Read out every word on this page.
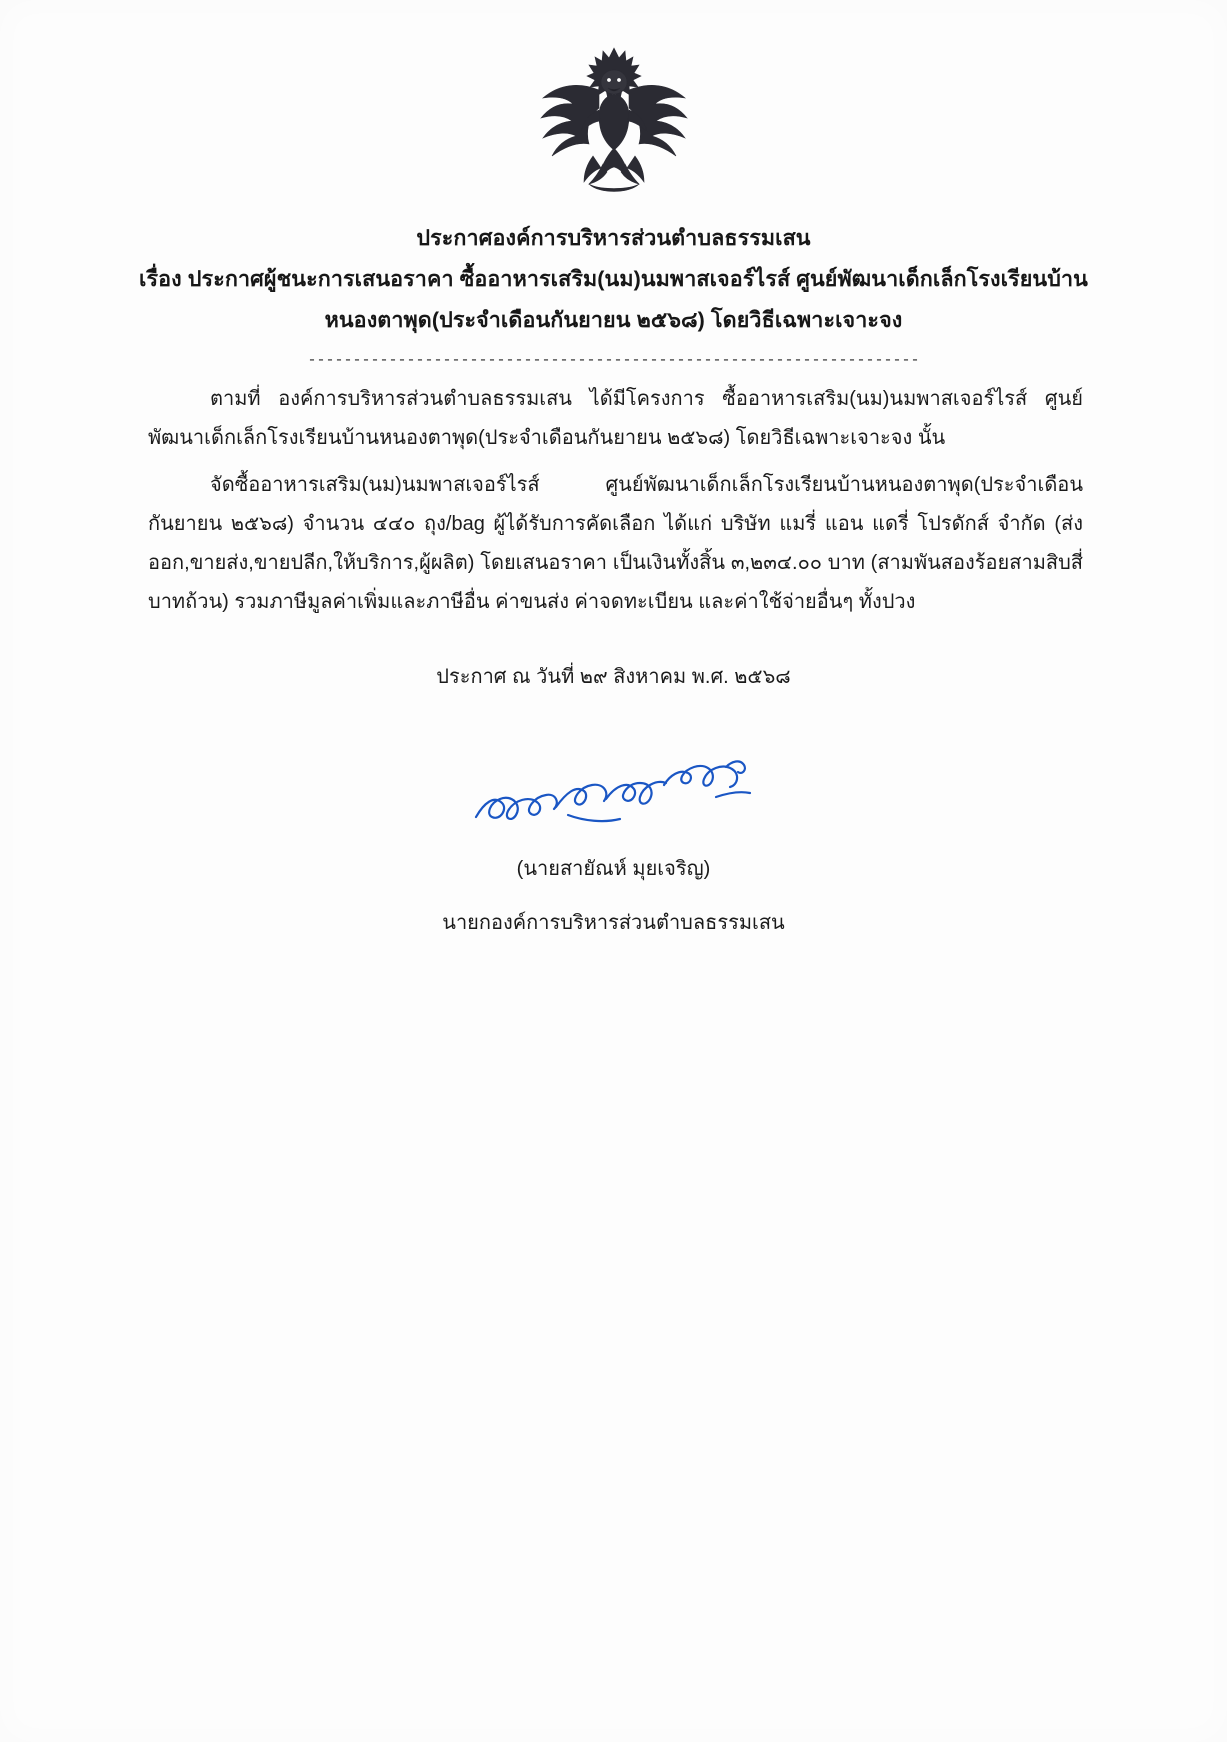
ประกาศองค์การบริหารส่วนตำบลธรรมเสน
เรื่อง ประกาศผู้ชนะการเสนอราคา ซื้ออาหารเสริม(นม)นมพาสเจอร์ไรส์ ศูนย์พัฒนาเด็กเล็กโรงเรียนบ้าน
หนองตาพุด(ประจำเดือนกันยายน ๒๕๖๘) โดยวิธีเฉพาะเจาะจง
--------------------------------------------------------------------

ตามที่ องค์การบริหารส่วนตำบลธรรมเสน ได้มีโครงการ ซื้ออาหารเสริม(นม)นมพาสเจอร์ไรส์ ศูนย์พัฒนาเด็กเล็กโรงเรียนบ้านหนองตาพุด(ประจำเดือนกันยายน ๒๕๖๘) โดยวิธีเฉพาะเจาะจง นั้น

จัดซื้ออาหารเสริม(นม)นมพาสเจอร์ไรส์ ศูนย์พัฒนาเด็กเล็กโรงเรียนบ้านหนองตาพุด(ประจำเดือนกันยายน ๒๕๖๘) จำนวน ๔๔๐ ถุง/bag ผู้ได้รับการคัดเลือก ได้แก่ บริษัท แมรี่ แอน แดรี่ โปรดักส์ จำกัด (ส่งออก,ขายส่ง,ขายปลีก,ให้บริการ,ผู้ผลิต) โดยเสนอราคา เป็นเงินทั้งสิ้น ๓,๒๓๔.๐๐ บาท (สามพันสองร้อยสามสิบสี่บาทถ้วน) รวมภาษีมูลค่าเพิ่มและภาษีอื่น ค่าขนส่ง ค่าจดทะเบียน และค่าใช้จ่ายอื่นๆ ทั้งปวง

ประกาศ ณ วันที่ ๒๙ สิงหาคม พ.ศ. ๒๕๖๘
(นายสายัณห์ มุยเจริญ)
นายกองค์การบริหารส่วนตำบลธรรมเสน
